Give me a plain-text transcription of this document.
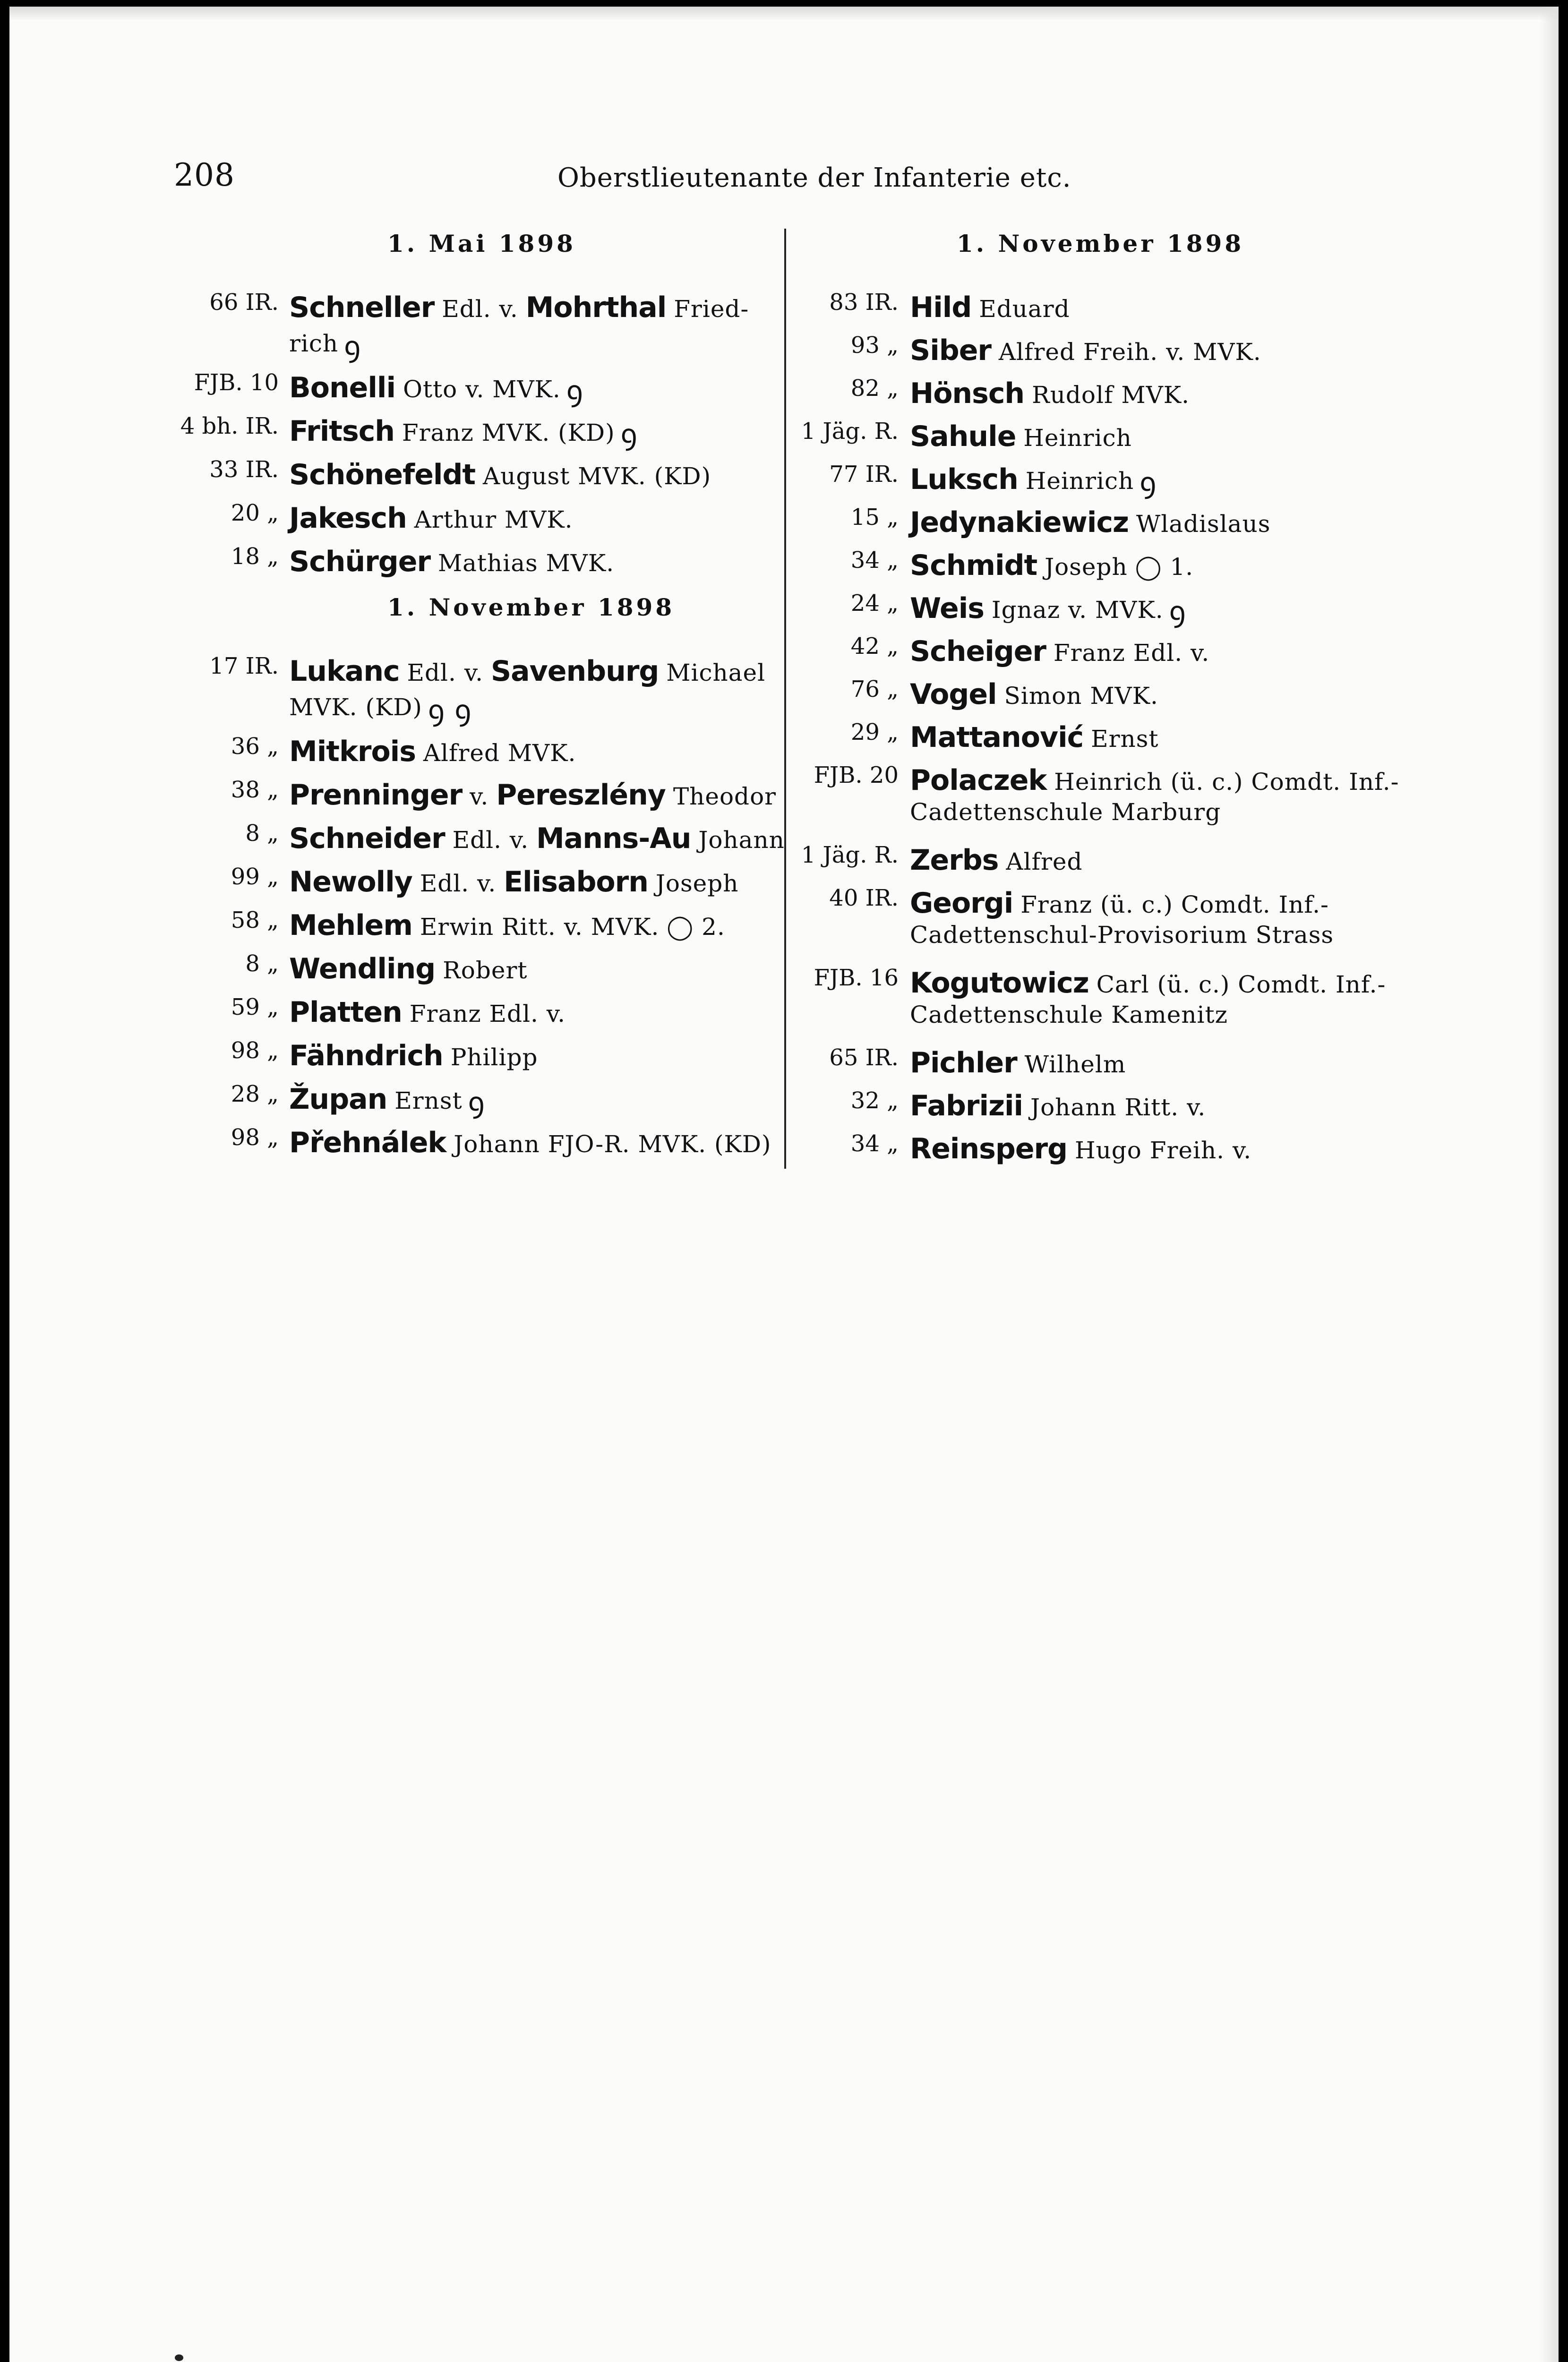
208	Oberstlieutenante der Infanterie etc.
1. Mai 1898
66 IR. Schneller Edl. v. Mohrthal Fried-
rich ꝯ
FJB. 10 Bonelli Otto v. MVK. ꝯ
4 bh. IR. Fritsch Franz MVK. (KD) ꝯ
33 IR. Schönefeldt August MVK. (KD)
20 „ Jakesch Arthur MVK.
18 „ Schürger Mathias MVK.
1. November 1898
17 IR. Lukanc Edl. v. Savenburg Michael
MVK. (KD) ꝯ ꝯ
36 „ Mitkrois Alfred MVK.
38 „ Prenninger v. Pereszlény Theodor
8 „ Schneider Edl. v. Manns-Au Johann
99 „ Newolly Edl. v. Elisaborn Joseph
58 „ Mehlem Erwin Ritt. v. MVK. ◯ 2.
8 „ Wendling Robert
59 „ Platten Franz Edl. v.
98 „ Fähndrich Philipp
28 „ Župan Ernst ꝯ
98 „ Přehnálek Johann FJO-R. MVK. (KD)
1. November 1898
83 IR. Hild Eduard
93 „ Siber Alfred Freih. v. MVK.
82 „ Hönsch Rudolf MVK.
1 Jäg. R. Sahule Heinrich
77 IR. Luksch Heinrich ꝯ
15 „ Jedynakiewicz Wladislaus
34 „ Schmidt Joseph ◯ 1.
24 „ Weis Ignaz v. MVK. ꝯ
42 „ Scheiger Franz Edl. v.
76 „ Vogel Simon MVK.
29 „ Mattanović Ernst
FJB. 20 Polaczek Heinrich (ü. c.) Comdt. Inf.-
Cadettenschule Marburg
1 Jäg. R. Zerbs Alfred
40 IR. Georgi Franz (ü. c.) Comdt. Inf.-
Cadettenschul-Provisorium Strass
FJB. 16 Kogutowicz Carl (ü. c.) Comdt. Inf.-
Cadettenschule Kamenitz
65 IR. Pichler Wilhelm
32 „ Fabrizii Johann Ritt. v.
34 „ Reinsperg Hugo Freih. v.
